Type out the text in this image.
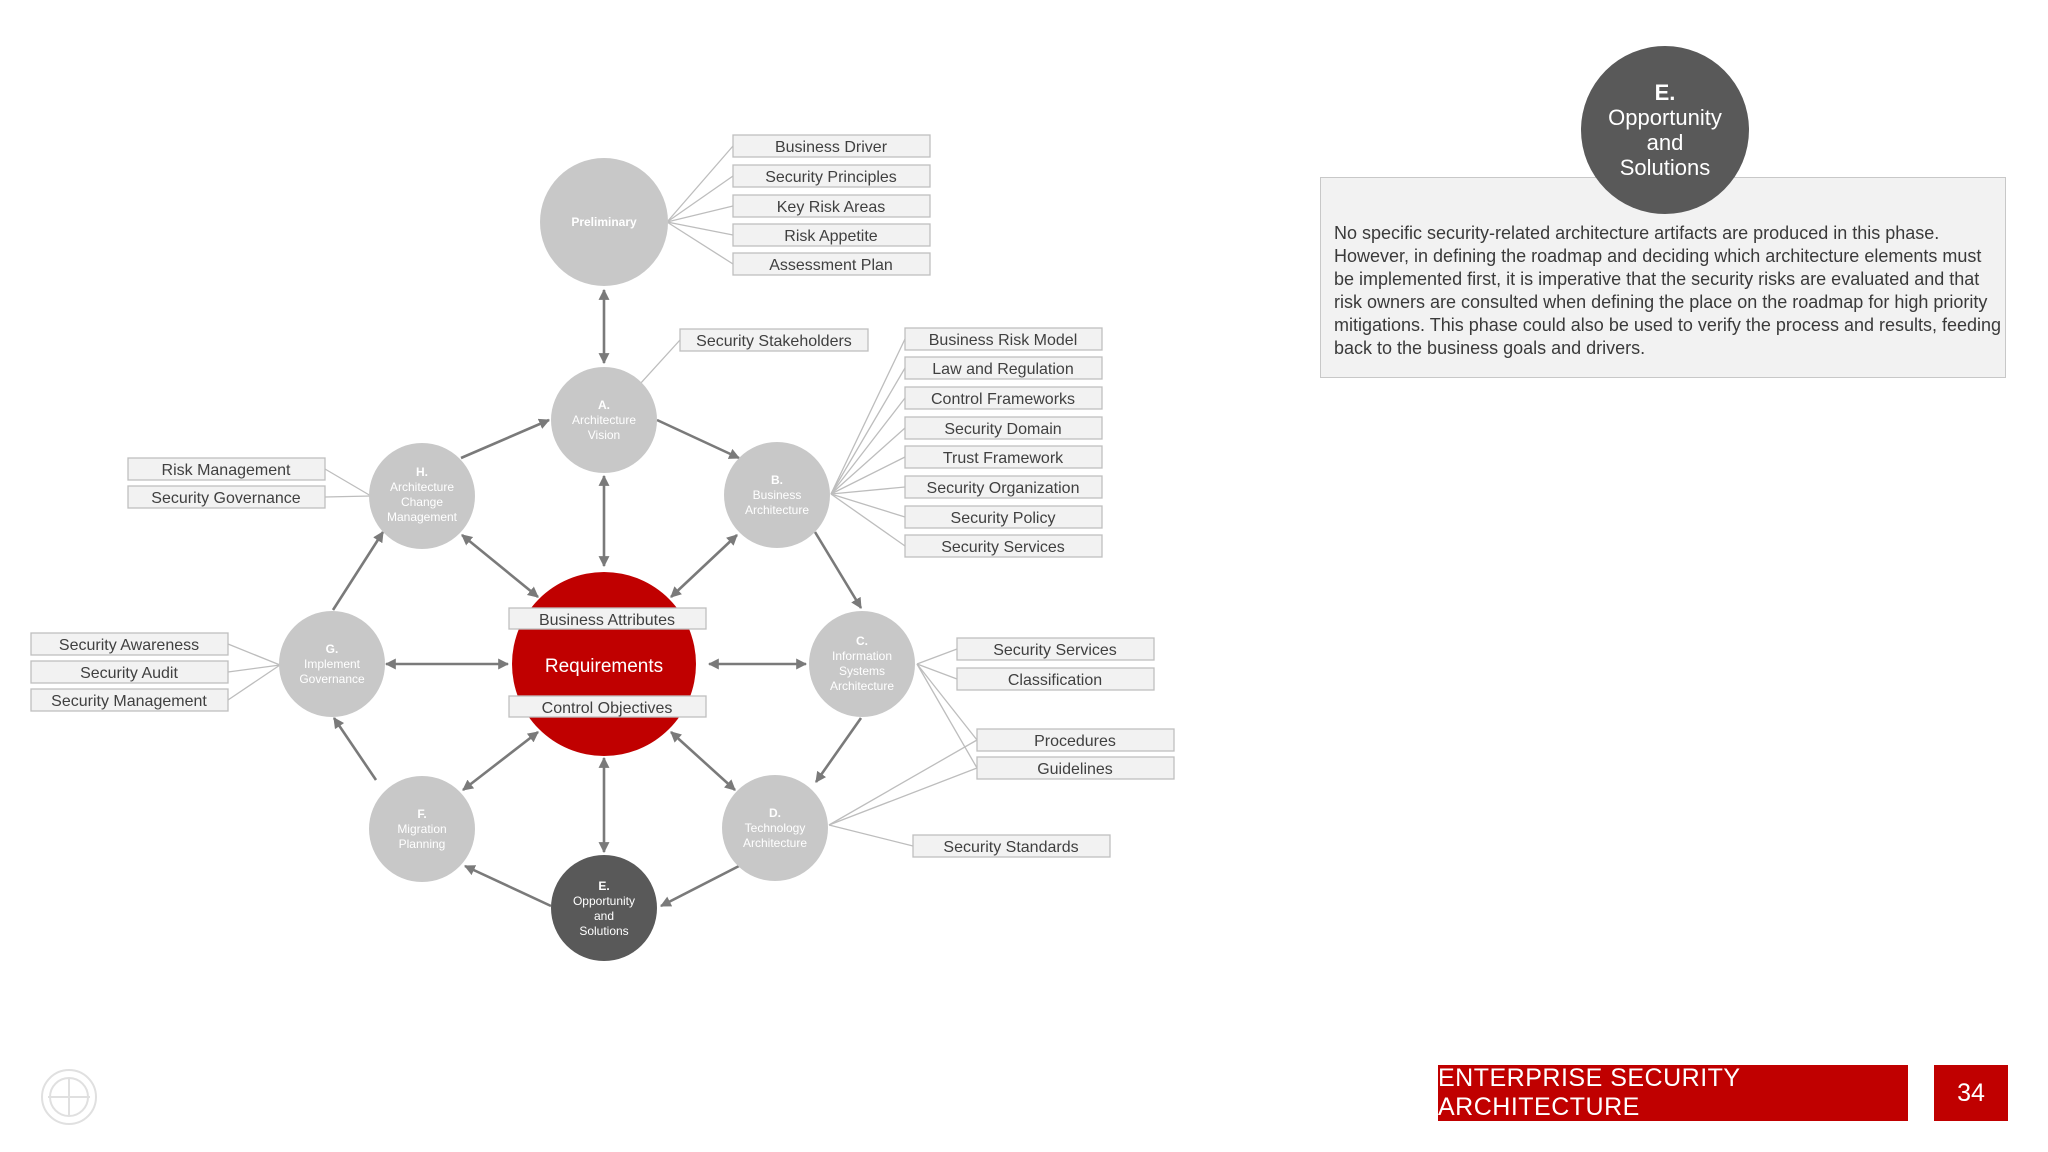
Preliminary
A.
Architecture
Vision
B.
Business
Architecture
C.
Information
Systems
Architecture
D.
Technology
Architecture
E.
Opportunity
and
Solutions
F.
Migration
Planning
G.
Implement
Governance
H.
Architecture
Change
Management
Requirements
Business Attributes
Control Objectives
Business Driver
Security Principles
Key Risk Areas
Risk Appetite
Assessment Plan
Security Stakeholders	Business Risk Model
Law and Regulation
Control Frameworks
Security Domain
Trust Framework
Security Organization
Security Policy
Security Services
Security Services
Classification
Procedures
Guidelines
Security Standards
Risk Management
Security Governance
Security Awareness
Security Audit
Security Management
E.
Opportunity
and
Solutions
No specific security-related architecture artifacts are produced in this phase. However, in defining the roadmap and deciding which architecture elements must be implemented first, it is imperative that the security risks are evaluated and that risk owners are consulted when defining the place on the roadmap for high priority mitigations. This phase could also be used to verify the process and results, feeding back to the business goals and drivers.
ENTERPRISE SECURITY ARCHITECTURE
34
